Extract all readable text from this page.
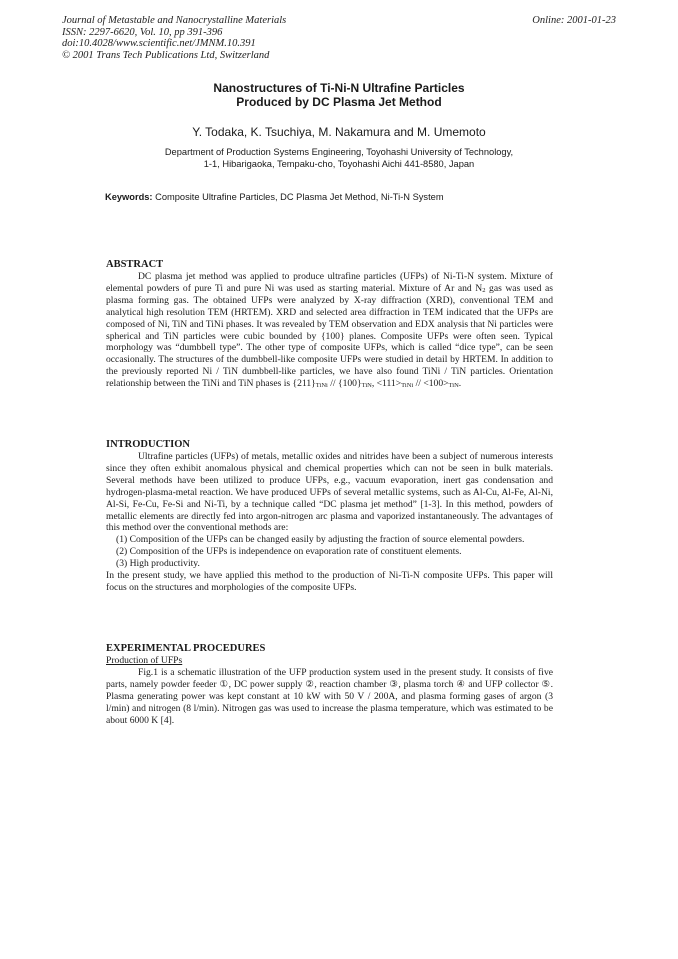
Journal of Metastable and Nanocrystalline Materials
ISSN: 2297-6620, Vol. 10, pp 391-396
doi:10.4028/www.scientific.net/JMNM.10.391
© 2001 Trans Tech Publications Ltd, Switzerland
Online: 2001-01-23
Nanostructures of Ti-Ni-N Ultrafine Particles
Produced by DC Plasma Jet Method
Y. Todaka, K. Tsuchiya, M. Nakamura and M. Umemoto
Department of Production Systems Engineering, Toyohashi University of Technology,
1-1, Hibarigaoka, Tempaku-cho, Toyohashi Aichi 441-8580, Japan
Keywords: Composite Ultrafine Particles, DC Plasma Jet Method, Ni-Ti-N System

ABSTRACT

DC plasma jet method was applied to produce ultrafine particles (UFPs) of Ni-Ti-N system. Mixture of elemental powders of pure Ti and pure Ni was used as starting material. Mixture of Ar and $N_2$ gas was used as plasma forming gas. The obtained UFPs were analyzed by X-ray diffraction (XRD), conventional TEM and analytical high resolution TEM (HRTEM). XRD and selected area diffraction in TEM indicated that the UFPs are composed of Ni, TiN and TiNi phases. It was revealed by TEM observation and EDX analysis that Ni particles were spherical and TiN particles were cubic bounded by {100} planes. Composite UFPs were often seen. Typical morphology was “dumbbell type”. The other type of composite UFPs, which is called “dice type”, can be seen occasionally. The structures of the dumbbell-like composite UFPs were studied in detail by HRTEM. In addition to the previously reported Ni / TiN dumbbell-like particles, we have also found TiNi / TiN particles. Orientation relationship between the TiNi and TiN phases is $\{211\}_{TiNi} // \{100\}_{TiN}$, $<111>_{TiNi} // <100>_{TiN}$.

INTRODUCTION

Ultrafine particles (UFPs) of metals, metallic oxides and nitrides have been a subject of numerous interests since they often exhibit anomalous physical and chemical properties which can not be seen in bulk materials. Several methods have been utilized to produce UFPs, e.g., vacuum evaporation, inert gas condensation and hydrogen-plasma-metal reaction. We have produced UFPs of several metallic systems, such as Al-Cu, Al-Fe, Al-Ni, Al-Si, Fe-Cu, Fe-Si and Ni-Ti, by a technique called “DC plasma jet method” [1-3]. In this method, powders of metallic elements are directly fed into argon-nitrogen arc plasma and vaporized instantaneously. The advantages of this method over the conventional methods are:

(1) Composition of the UFPs can be changed easily by adjusting the fraction of source elemental powders.

(2) Composition of the UFPs is independence on evaporation rate of constituent elements.

(3) High productivity.

In the present study, we have applied this method to the production of Ni-Ti-N composite UFPs. This paper will focus on the structures and morphologies of the composite UFPs.

EXPERIMENTAL PROCEDURES

Production of UFPs

Fig.1 is a schematic illustration of the UFP production system used in the present study. It consists of five parts, namely powder feeder ①, DC power supply ②, reaction chamber ③, plasma torch ④ and UFP collector ⑤. Plasma generating power was kept constant at 10 kW with 50 V / 200A, and plasma forming gases of argon (3 l/min) and nitrogen (8 l/min). Nitrogen gas was used to increase the plasma temperature, which was estimated to be about 6000 K [4].
